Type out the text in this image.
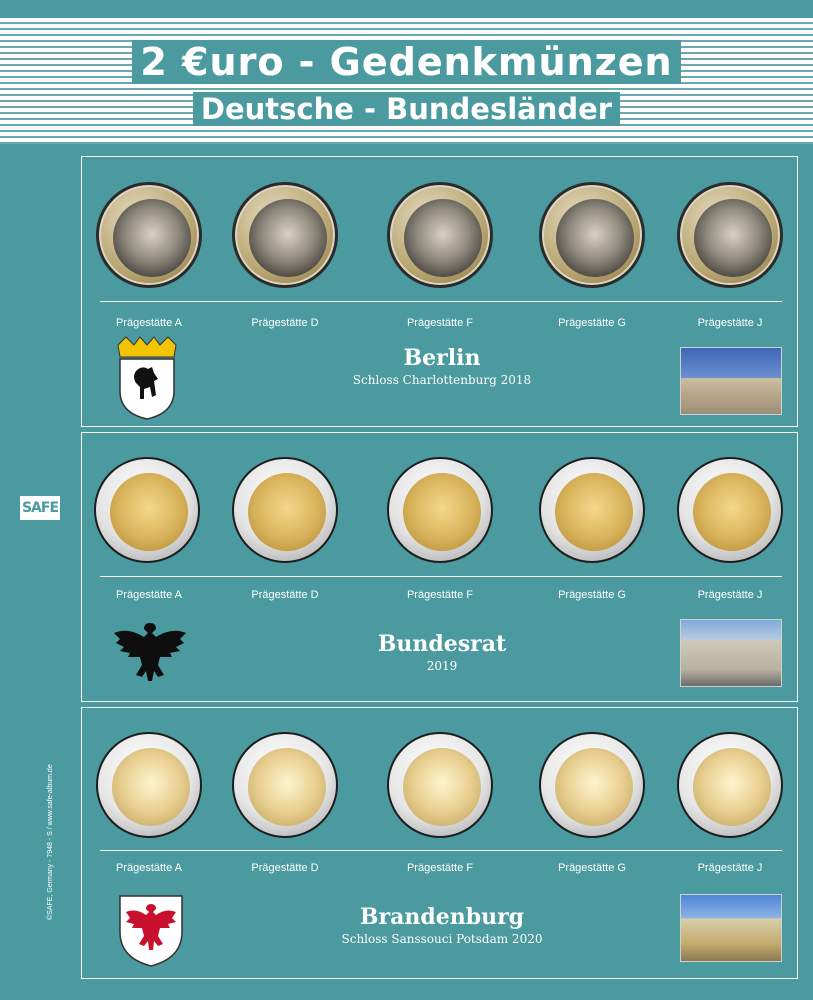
2 €uro - Gedenkmünzen
Deutsche - Bundesländer
SAFE
©SAFE, Germany - 7948 - S / www.safe-album.de
Prägestätte A	Prägestätte D	Prägestätte F	Prägestätte G	Prägestätte J
Berlin
Schloss Charlottenburg 2018
Prägestätte A	Prägestätte D	Prägestätte F	Prägestätte G	Prägestätte J
Bundesrat
2019
Prägestätte A	Prägestätte D	Prägestätte F	Prägestätte G	Prägestätte J
Brandenburg
Schloss Sanssouci Potsdam 2020
